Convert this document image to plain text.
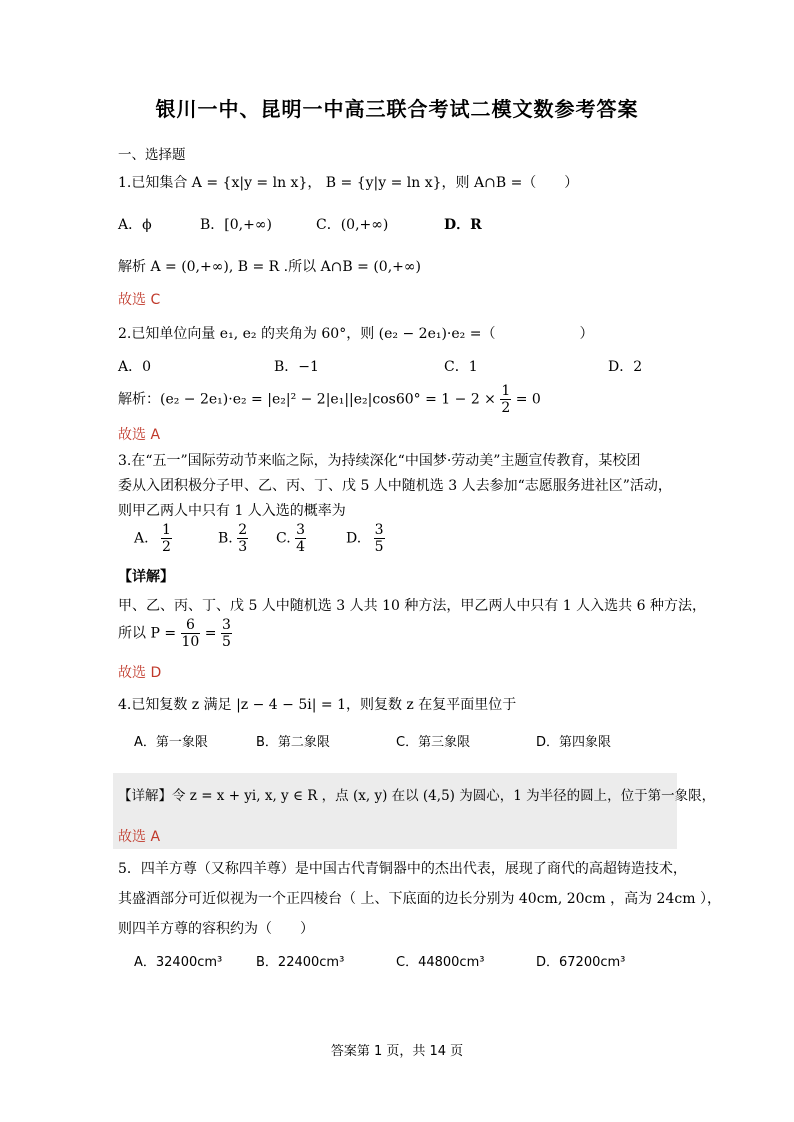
银川一中、昆明一中高三联合考试二模文数参考答案
一、选择题
1.已知集合 A = {x|y = ln x}， B = {y|y = ln x}，则 A∩B =（　　）
A．ϕ	B．[0,+∞)	C．(0,+∞)	D．R
解析 A = (0,+∞), B = R .所以 A∩B = (0,+∞)
故选 C
2.已知单位向量 e₁, e₂ 的夹角为 60°，则 (e₂ − 2e₁)·e₂ =（　　　　　　）
A．0	B．−1	C．1	D．2
解析：$(e_2 - 2e_1)\cdot e_2 = |e_2|^2 - 2|e_1||e_2|\cos 60^\circ = 1 - 2 \times \frac{1}{2} = 0$
故选 A
3.在“五一”国际劳动节来临之际，为持续深化“中国梦·劳动美”主题宣传教育，某校团
委从入团积极分子甲、乙、丙、丁、戊 5 人中随机选 3 人去参加“志愿服务进社区”活动，
则甲乙两人中只有 1 人入选的概率为
A. $\frac{1}{2}$	B. $\frac{2}{3} C$. $\frac{3}{4}$	D. $\frac{3}{5}$
【详解】
甲、乙、丙、丁、戊 5 人中随机选 3 人共 10 种方法，甲乙两人中只有 1 人入选共 6 种方法，
所以 $P = \frac{6}{10} = \frac{3}{5}$
故选 D
4.已知复数 z 满足 |z − 4 − 5i| = 1，则复数 z 在复平面里位于
A．第一象限	B．第二象限	C．第三象限	D．第四象限
【详解】令 z = x + yi, x, y ∈ R ，点 (x, y) 在以 (4,5) 为圆心，1 为半径的圆上，位于第一象限，
故选 A
5．四羊方尊（又称四羊尊）是中国古代青铜器中的杰出代表，展现了商代的高超铸造技术，
其盛酒部分可近似视为一个正四棱台（ 上、下底面的边长分别为 40cm, 20cm ，高为 24cm ），
则四羊方尊的容积约为（　　）
A．32400cm³	B．22400cm³	C．44800cm³	D．67200cm³
答案第 1 页，共 14 页
